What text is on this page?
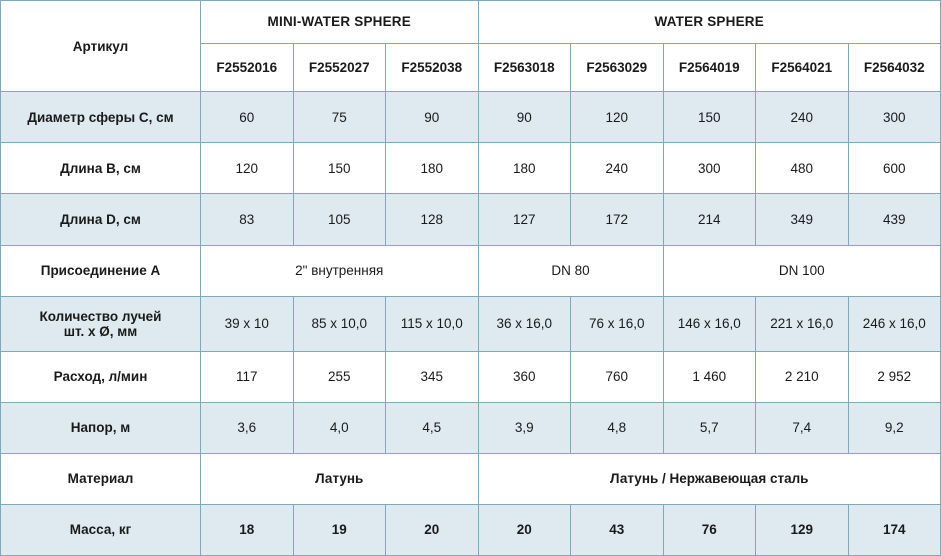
Артикул	MINI-WATER SPHERE			WATER SPHERE				
	F2552016	F2552027	F2552038	F2563018	F2563029	F2564019	F2564021	F2564032
Диаметр сферы C, см	60	75	90	90	120	150	240	300
Длина B, см	120	150	180	180	240	300	480	600
Длина D, см	83	105	128	127	172	214	349	439
Присоединение A	2" внутренняя			DN 80		DN 100		

Количество лучей
шт. x Ø, мм	39 x 10	85 x 10,0	115 x 10,0	36 x 16,0	76 x 16,0	146 x 16,0	221 x 16,0	246 x 16,0
Расход, л/мин	117	255	345	360	760	1 460	2 210	2 952
Напор, м	3,6	4,0	4,5	3,9	4,8	5,7	7,4	9,2
Материал	Латунь			Латунь / Нержавеющая сталь				
Масса, кг	18	19	20	20	43	76	129	174
